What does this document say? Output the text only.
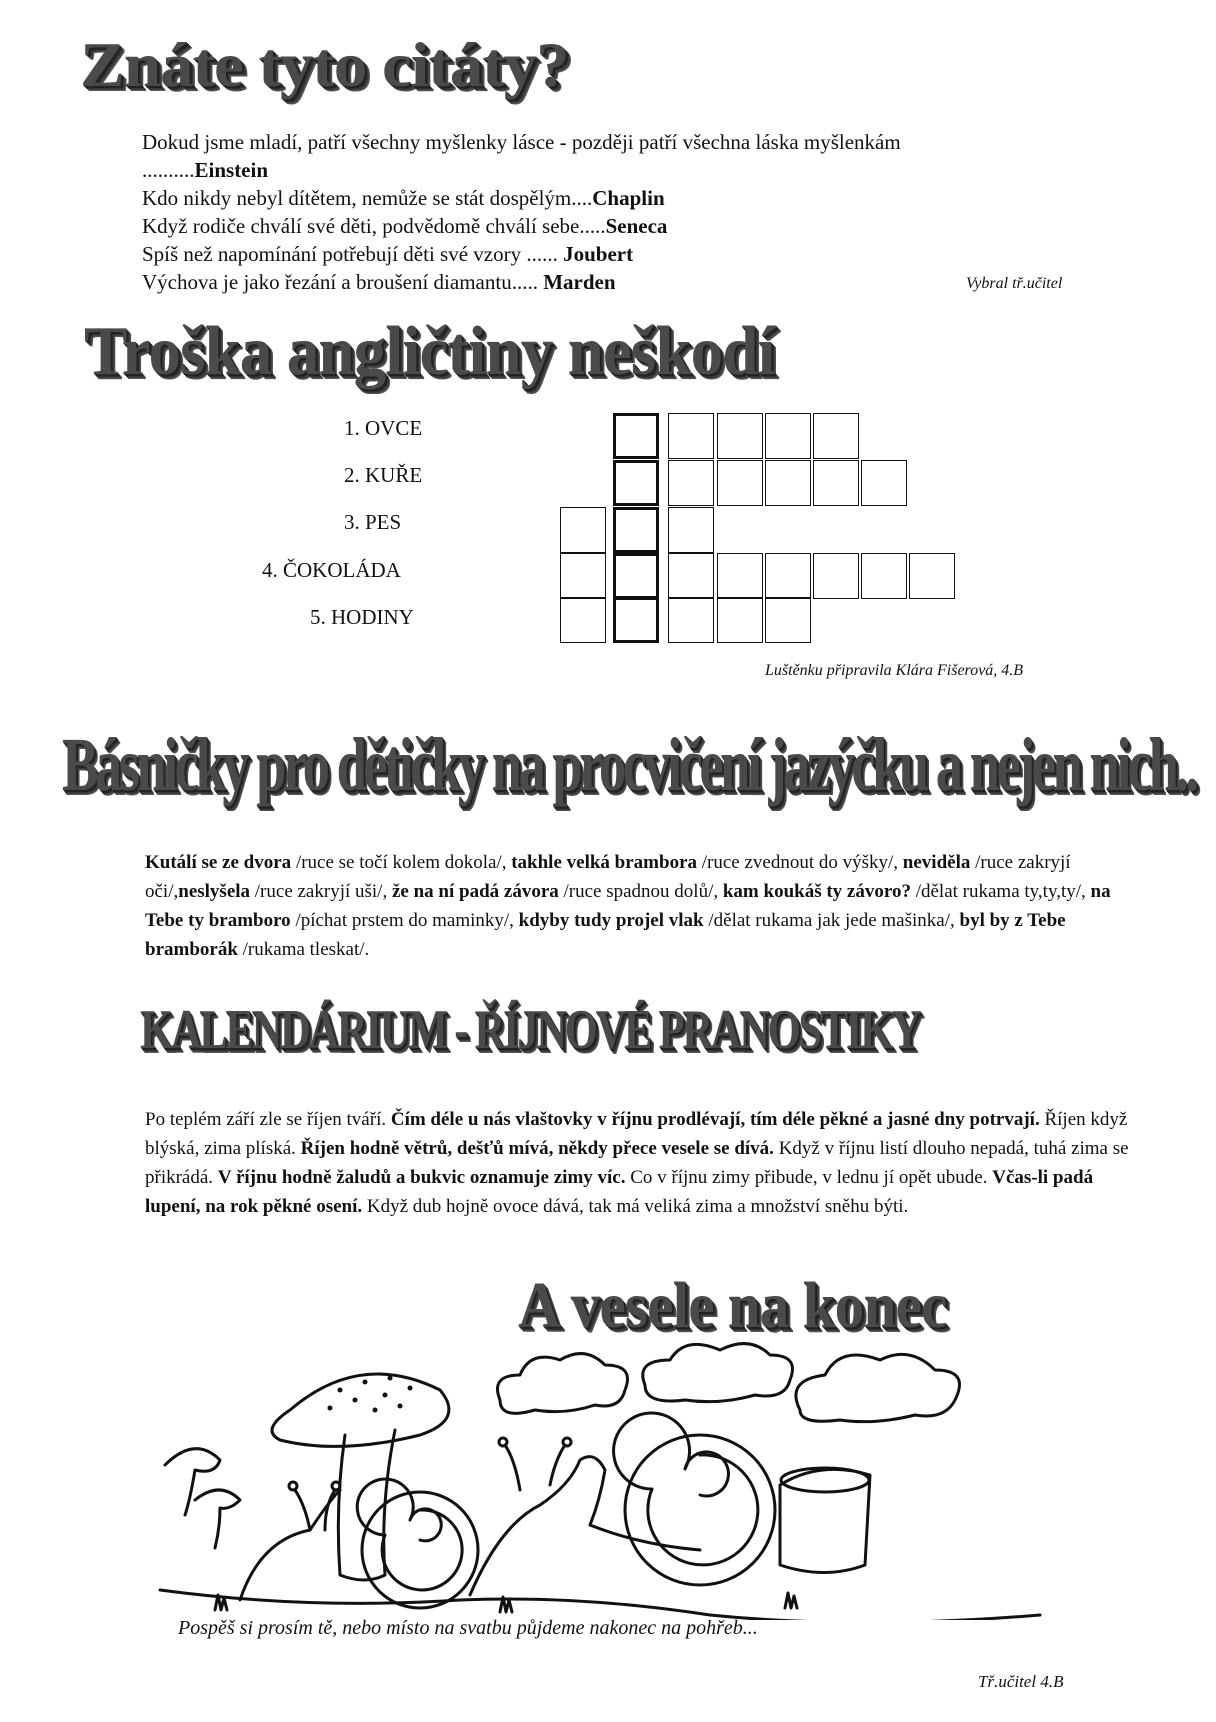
Znáte tyto citáty?
Dokud jsme mladí, patří všechny myšlenky lásce - později patří všechna láska myšlenkám
..........Einstein
Kdo nikdy nebyl dítětem, nemůže se stát dospělým....Chaplin
Když rodiče chválí své děti, podvědomě chválí sebe.....Seneca
Spíš než napomínání potřebují děti své vzory ...... Joubert
Výchova je jako řezání a broušení diamantu..... Marden	Vybral tř.učitel
Troška angličtiny neškodí
1. OVCE
2. KUŘE
3. PES
4. ČOKOLÁDA
5. HODINY
Luštěnku připravila Klára Fišerová, 4.B
Básničky pro dětičky na procvičení jazýčku a nejen nich..
Kutálí se ze dvora /ruce se točí kolem dokola/, takhle velká brambora /ruce zvednout do výšky/, neviděla /ruce zakryjí oči/,neslyšela /ruce zakryjí uši/, že na ní padá závora /ruce spadnou dolů/, kam koukáš ty závoro? /dělat rukama ty,ty,ty/, na Tebe ty bramboro /píchat prstem do maminky/, kdyby tudy projel vlak /dělat rukama jak jede mašinka/, byl by z Tebe bramborák /rukama tleskat/.
KALENDÁRIUM - ŘÍJNOVÉ PRANOSTIKY
Po teplém září zle se říjen tváří. Čím déle u nás vlaštovky v říjnu prodlévají, tím déle pěkné a jasné dny potrvají. Říjen když blýská, zima plíská. Říjen hodně větrů, dešťů mívá, někdy přece vesele se dívá. Když v říjnu listí dlouho nepadá, tuhá zima se přikrádá. V říjnu hodně žaludů a bukvic oznamuje zimy víc. Co v říjnu zimy přibude, v lednu jí opět ubude. Včas-li padá lupení, na rok pěkné osení. Když dub hojně ovoce dává, tak má veliká zima a množství sněhu býti.
A vesele na konec
Pospěš si prosím tě, nebo místo na svatbu půjdeme nakonec na pohřeb...
Tř.učitel 4.B
